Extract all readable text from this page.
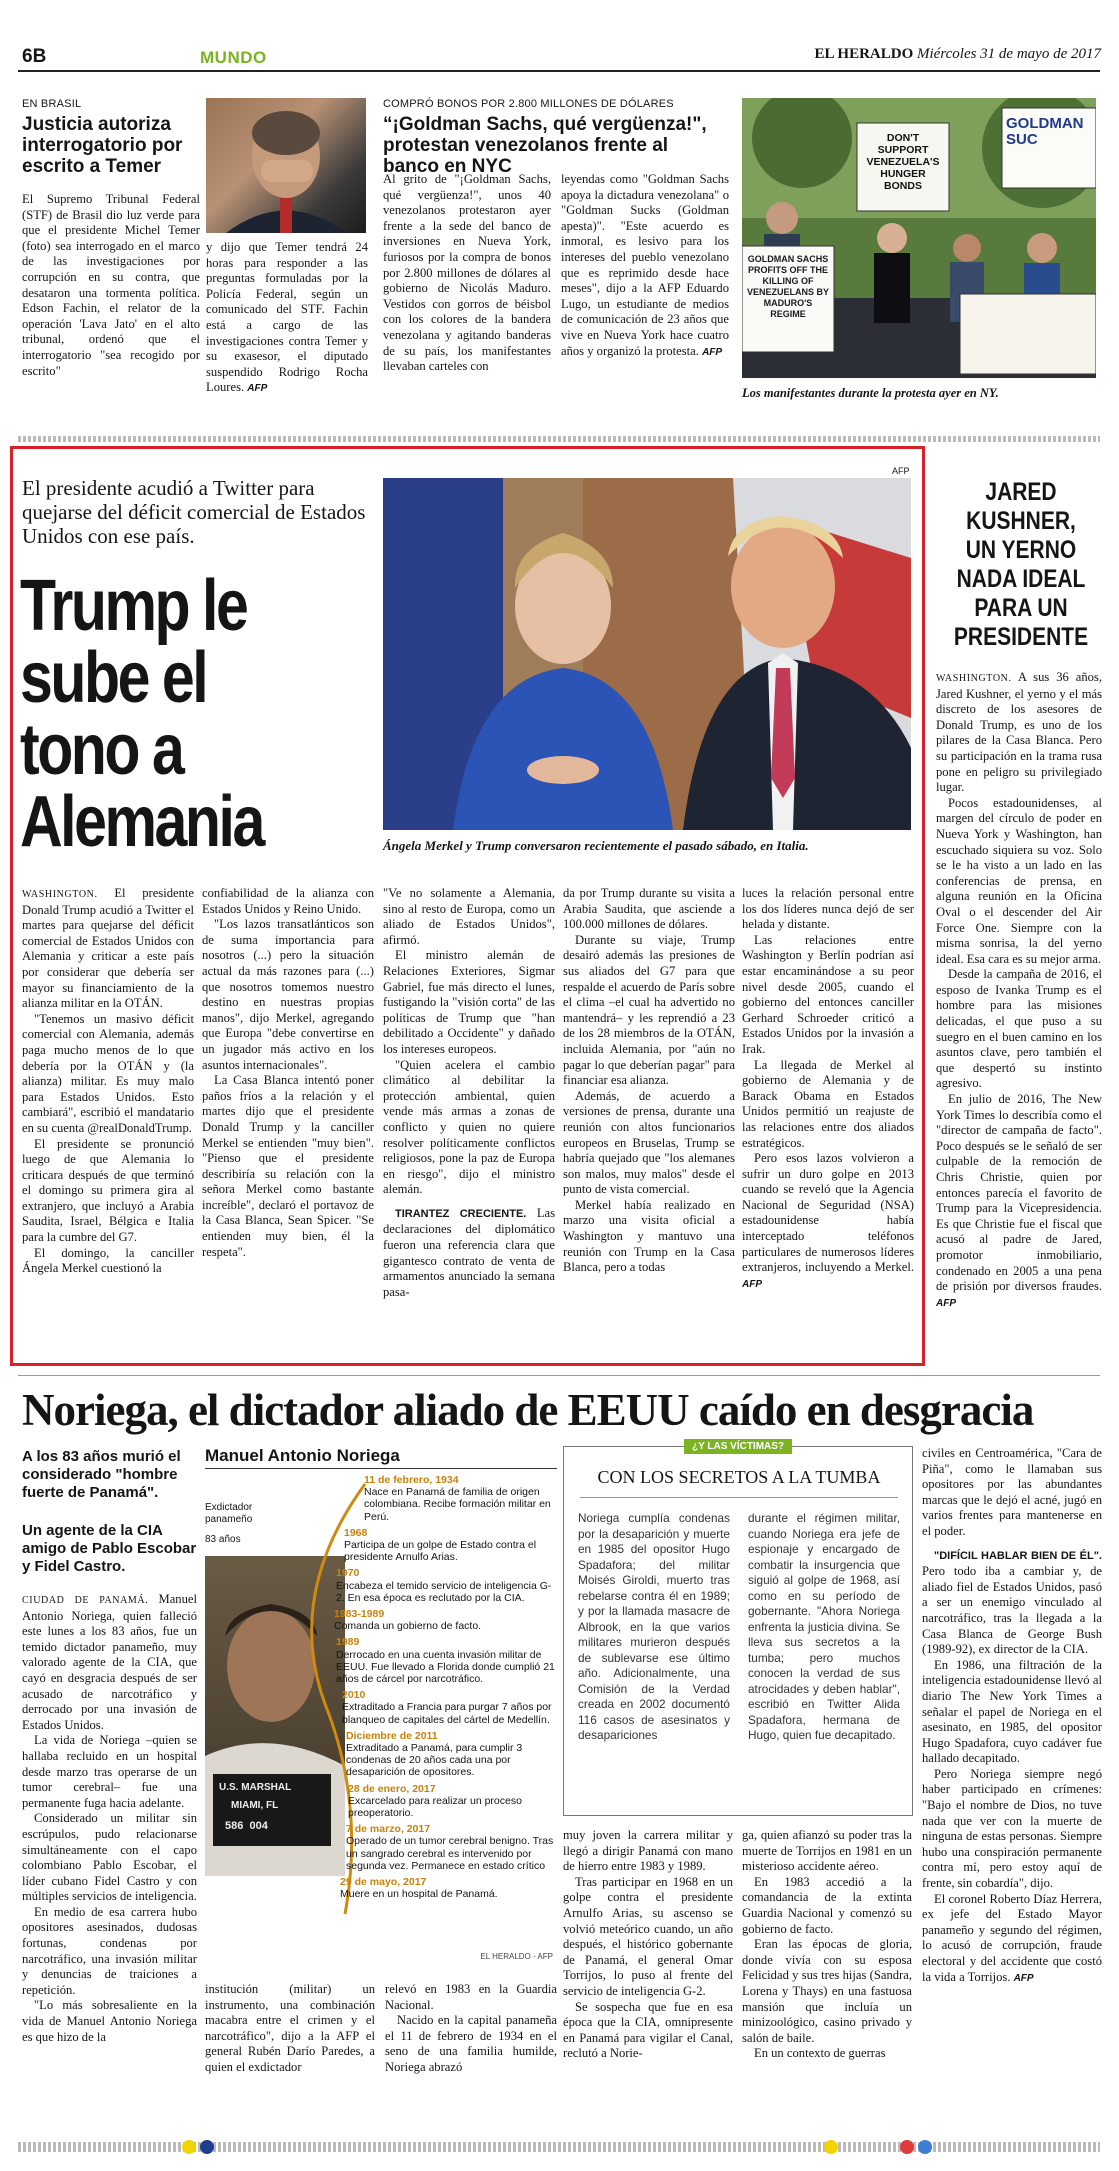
6B	MUNDO	EL HERALDO Miércoles 31 de mayo de 2017
EN BRASIL
Justicia autoriza interrogatorio por escrito a Temer

El Supremo Tribunal Federal (STF) de Brasil dio luz verde para que el presidente Michel Temer (foto) sea interrogado en el marco de las investigaciones por corrupción en su contra, que desataron una tormenta política. Edson Fachin, el relator de la operación 'Lava Jato' en el alto tribunal, ordenó que el interrogatorio "sea recogido por escrito"

y dijo que Temer tendrá 24 horas para responder a las preguntas formuladas por la Policía Federal, según un comunicado del STF. Fachin está a cargo de las investigaciones contra Temer y su exasesor, el diputado suspendido Rodrigo Rocha Loures. AFP

COMPRÓ BONOS POR 2.800 MILLONES DE DÓLARES
“¡Goldman Sachs, qué vergüenza!", protestan venezolanos frente al banco en NYC

Al grito de "¡Goldman Sachs, qué vergüenza!", unos 40 venezolanos protestaron ayer frente a la sede del banco de inversiones en Nueva York, furiosos por la compra de bonos por 2.800 millones de dólares al gobierno de Nicolás Maduro. Vestidos con gorros de béisbol con los colores de la bandera venezolana y agitando banderas de su país, los manifestantes llevaban carteles con

leyendas como "Goldman Sachs apoya la dictadura venezolana" o "Goldman Sucks (Goldman apesta)". "Este acuerdo es inmoral, es lesivo para los intereses del pueblo venezolano que es reprimido desde hace meses", dijo a la AFP Eduardo Lugo, un estudiante de medios de comunicación de 23 años que vive en Nueva York hace cuatro años y organizó la protesta. AFP

DON'T SUPPORT VENEZUELA'S HUNGER BONDS
GOLDMAN SACHS PROFITS OFF THE KILLING OF VENEZUELANS BY MADURO'S REGIME
GOLDMAN SUC
Los manifestantes durante la protesta ayer en NY.
El presidente acudió a Twitter para quejarse del déficit comercial de Estados Unidos con ese país.
Trump le sube el tono a Alemania
AFP
Ángela Merkel y Trump conversaron recientemente el pasado sábado, en Italia.

WASHINGTON. El presidente Donald Trump acudió a Twitter el martes para quejarse del déficit comercial de Estados Unidos con Alemania y criticar a este país por considerar que debería ser mayor su financiamiento de la alianza militar en la OTÁN.

"Tenemos un masivo déficit comercial con Alemania, además paga mucho menos de lo que debería por la OTÁN y (la alianza) militar. Es muy malo para Estados Unidos. Esto cambiará", escribió el mandatario en su cuenta @realDonaldTrump.

El presidente se pronunció luego de que Alemania lo criticara después de que terminó el domingo su primera gira al extranjero, que incluyó a Arabia Saudita, Israel, Bélgica e Italia para la cumbre del G7.

El domingo, la canciller Ángela Merkel cuestionó la

confiabilidad de la alianza con Estados Unidos y Reino Unido.

"Los lazos transatlánticos son de suma importancia para nosotros (...) pero la situación actual da más razones para (...) que nosotros tomemos nuestro destino en nuestras propias manos", dijo Merkel, agregando que Europa "debe convertirse en un jugador más activo en los asuntos internacionales".

La Casa Blanca intentó poner paños fríos a la relación y el martes dijo que el presidente Donald Trump y la canciller Merkel se entienden "muy bien". "Pienso que el presidente describiría su relación con la señora Merkel como bastante increíble", declaró el portavoz de la Casa Blanca, Sean Spicer. "Se entienden muy bien, él la respeta".

"Ve no solamente a Alemania, sino al resto de Europa, como un aliado de Estados Unidos", afirmó.

El ministro alemán de Relaciones Exteriores, Sigmar Gabriel, fue más directo el lunes, fustigando la "visión corta" de las políticas de Trump que "han debilitado a Occidente" y dañado los intereses europeos.

"Quien acelera el cambio climático al debilitar la protección ambiental, quien vende más armas a zonas de conflicto y quien no quiere resolver políticamente conflictos religiosos, pone la paz de Europa en riesgo", dijo el ministro alemán.

TIRANTEZ CRECIENTE. Las declaraciones del diplomático fueron una referencia clara que gigantesco contrato de venta de armamentos anunciado la semana pasa-

da por Trump durante su visita a Arabia Saudita, que asciende a 100.000 millones de dólares.

Durante su viaje, Trump desairó además las presiones de sus aliados del G7 para que respalde el acuerdo de París sobre el clima –el cual ha advertido no mantendrá– y les reprendió a 23 de los 28 miembros de la OTÁN, incluida Alemania, por "aún no pagar lo que deberían pagar" para financiar esa alianza.

Además, de acuerdo a versiones de prensa, durante una reunión con altos funcionarios europeos en Bruselas, Trump se habría quejado que "los alemanes son malos, muy malos" desde el punto de vista comercial.

Merkel había realizado en marzo una visita oficial a Washington y mantuvo una reunión con Trump en la Casa Blanca, pero a todas

luces la relación personal entre los dos líderes nunca dejó de ser helada y distante.

Las relaciones entre Washington y Berlín podrían así estar encaminándose a su peor nivel desde 2005, cuando el gobierno del entonces canciller Gerhard Schroeder criticó a Estados Unidos por la invasión a Irak.

La llegada de Merkel al gobierno de Alemania y de Barack Obama en Estados Unidos permitió un reajuste de las relaciones entre dos aliados estratégicos.

Pero esos lazos volvieron a sufrir un duro golpe en 2013 cuando se reveló que la Agencia Nacional de Seguridad (NSA) estadounidense había interceptado teléfonos particulares de numerosos líderes extranjeros, incluyendo a Merkel. AFP

JARED KUSHNER, UN YERNO NADA IDEAL PARA UN PRESIDENTE

WASHINGTON. A sus 36 años, Jared Kushner, el yerno y el más discreto de los asesores de Donald Trump, es uno de los pilares de la Casa Blanca. Pero su participación en la trama rusa pone en peligro su privilegiado lugar.

Pocos estadounidenses, al margen del círculo de poder en Nueva York y Washington, han escuchado siquiera su voz. Solo se le ha visto a un lado en las conferencias de prensa, en alguna reunión en la Oficina Oval o el descender del Air Force One. Siempre con la misma sonrisa, la del yerno ideal. Esa cara es su mejor arma.

Desde la campaña de 2016, el esposo de Ivanka Trump es el hombre para las misiones delicadas, el que puso a su suegro en el buen camino en los asuntos clave, pero también el que despertó su instinto agresivo.

En julio de 2016, The New York Times lo describía como el "director de campaña de facto". Poco después se le señaló de ser culpable de la remoción de Chris Christie, quien por entonces parecía el favorito de Trump para la Vicepresidencia. Es que Christie fue el fiscal que acusó al padre de Jared, promotor inmobiliario, condenado en 2005 a una pena de prisión por diversos fraudes. AFP

Noriega, el dictador aliado de EEUU caído en desgracia
A los 83 años murió el considerado "hombre fuerte de Panamá".
Un agente de la CIA amigo de Pablo Escobar y Fidel Castro.

CIUDAD DE PANAMÁ. Manuel Antonio Noriega, quien falleció este lunes a los 83 años, fue un temido dictador panameño, muy valorado agente de la CIA, que cayó en desgracia después de ser acusado de narcotráfico y derrocado por una invasión de Estados Unidos.

La vida de Noriega –quien se hallaba recluido en un hospital desde marzo tras operarse de un tumor cerebral– fue una permanente fuga hacia adelante.

Considerado un militar sin escrúpulos, pudo relacionarse simultáneamente con el capo colombiano Pablo Escobar, el líder cubano Fidel Castro y con múltiples servicios de inteligencia.

En medio de esa carrera hubo opositores asesinados, dudosas fortunas, condenas por narcotráfico, una invasión militar y denuncias de traiciones a repetición.

"Lo más sobresaliente en la vida de Manuel Antonio Noriega es que hizo de la

Manuel Antonio Noriega
Exdictador panameño
83 años
U.S. MARSHAL
MIAMI, FL
586  004
11 de febrero, 1934
Nace en Panamá de familia de origen colombiana. Recibe formación militar en Perú.
1968
Participa de un golpe de Estado contra el presidente Arnulfo Arias.
1970
Encabeza el temido servicio de inteligencia G-2. En esa época es reclutado por la CIA.
1983-1989
Comanda un gobierno de facto.
1989
Derrocado en una cuenta invasión militar de EEUU. Fue llevado a Florida donde cumplió 21 años de cárcel por narcotráfico.
2010
Extraditado a Francia para purgar 7 años por blanqueo de capitales del cártel de Medellín.
Diciembre de 2011
Extraditado a Panamá, para cumplir 3 condenas de 20 años cada una por desaparición de opositores.
28 de enero, 2017
Excarcelado para realizar un proceso preoperatorio.
7 de marzo, 2017
Operado de un tumor cerebral benigno. Tras un sangrado cerebral es intervenido por segunda vez. Permanece en estado crítico
29 de mayo, 2017
Muere en un hospital de Panamá.
EL HERALDO - AFP

institución (militar) un instrumento, una combinación macabra entre el crimen y el narcotráfico", dijo a la AFP el general Rubén Darío Paredes, a quien el exdictador

relevó en 1983 en la Guardia Nacional.

Nacido en la capital panameña el 11 de febrero de 1934 en el seno de una familia humilde, Noriega abrazó

¿Y LAS VÍCTIMAS?
CON LOS SECRETOS A LA TUMBA
Noriega cumplía condenas por la desaparición y muerte en 1985 del opositor Hugo Spadafora; del militar Moisés Giroldi, muerto tras rebelarse contra él en 1989; y por la llamada masacre de Albrook, en la que varios militares murieron después de sublevarse ese último año. Adicionalmente, una Comisión de la Verdad creada en 2002 documentó 116 casos de asesinatos y desapariciones
durante el régimen militar, cuando Noriega era jefe de espionaje y encargado de combatir la insurgencia que siguió al golpe de 1968, así como en su período de gobernante. "Ahora Noriega enfrenta la justicia divina. Se lleva sus secretos a la tumba; pero muchos conocen la verdad de sus atrocidades y deben hablar", escribió en Twitter Alida Spadafora, hermana de Hugo, quien fue decapitado.

muy joven la carrera militar y llegó a dirigir Panamá con mano de hierro entre 1983 y 1989.

Tras participar en 1968 en un golpe contra el presidente Arnulfo Arias, su ascenso se volvió meteórico cuando, un año después, el histórico gobernante de Panamá, el general Omar Torrijos, lo puso al frente del servicio de inteligencia G-2.

Se sospecha que fue en esa época que la CIA, omnipresente en Panamá para vigilar el Canal, reclutó a Norie-

ga, quien afianzó su poder tras la muerte de Torrijos en 1981 en un misterioso accidente aéreo.

En 1983 accedió a la comandancia de la extinta Guardia Nacional y comenzó su gobierno de facto.

Eran las épocas de gloria, donde vivía con su esposa Felicidad y sus tres hijas (Sandra, Lorena y Thays) en una fastuosa mansión que incluía un minizoológico, casino privado y salón de baile.

En un contexto de guerras

civiles en Centroamérica, "Cara de Piña", como le llamaban sus opositores por las abundantes marcas que le dejó el acné, jugó en varios frentes para mantenerse en el poder.

"DIFÍCIL HABLAR BIEN DE ÉL". Pero todo iba a cambiar y, de aliado fiel de Estados Unidos, pasó a ser un enemigo vinculado al narcotráfico, tras la llegada a la Casa Blanca de George Bush (1989-92), ex director de la CIA.

En 1986, una filtración de la inteligencia estadounidense llevó al diario The New York Times a señalar el papel de Noriega en el asesinato, en 1985, del opositor Hugo Spadafora, cuyo cadáver fue hallado decapitado.

Pero Noriega siempre negó haber participado en crímenes: "Bajo el nombre de Dios, no tuve nada que ver con la muerte de ninguna de estas personas. Siempre hubo una conspiración permanente contra mí, pero estoy aquí de frente, sin cobardía", dijo.

El coronel Roberto Díaz Herrera, ex jefe del Estado Mayor panameño y segundo del régimen, lo acusó de corrupción, fraude electoral y del accidente que costó la vida a Torrijos. AFP
